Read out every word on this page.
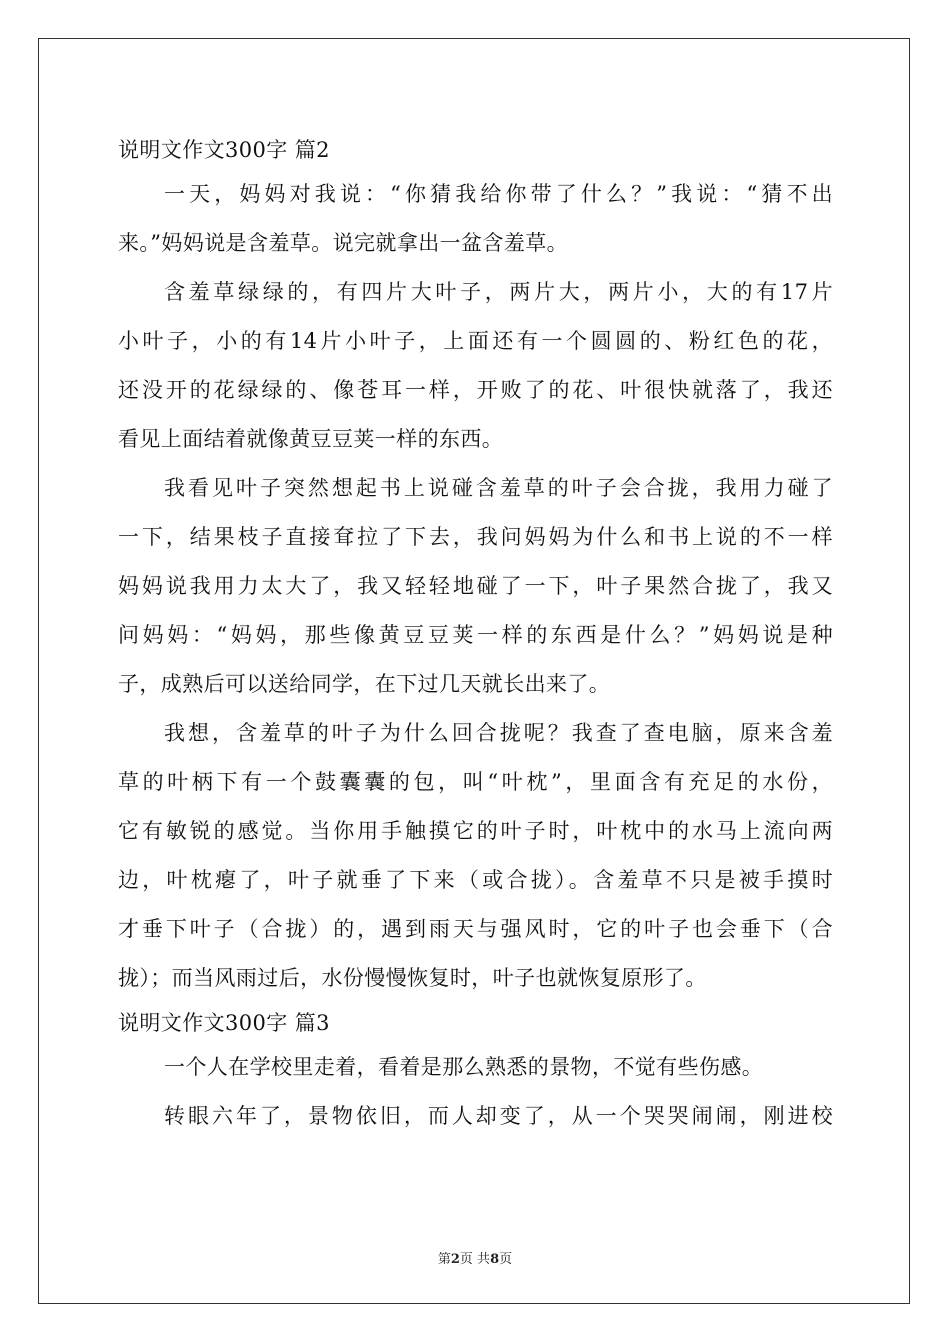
说明文作文300字 篇2
一天，妈妈对我说：“你猜我给你带了什么？”我说：“猜不出
来。”妈妈说是含羞草。说完就拿出一盆含羞草。
含羞草绿绿的，有四片大叶子，两片大，两片小，大的有17片
小叶子，小的有14片小叶子，上面还有一个圆圆的、粉红色的花，
还没开的花绿绿的、像苍耳一样，开败了的花、叶很快就落了，我还
看见上面结着就像黄豆豆荚一样的东西。
我看见叶子突然想起书上说碰含羞草的叶子会合拢，我用力碰了
一下，结果枝子直接耷拉了下去，我问妈妈为什么和书上说的不一样
妈妈说我用力太大了，我又轻轻地碰了一下，叶子果然合拢了，我又
问妈妈：“妈妈，那些像黄豆豆荚一样的东西是什么？”妈妈说是种
子，成熟后可以送给同学，在下过几天就长出来了。
我想，含羞草的叶子为什么回合拢呢？我查了查电脑，原来含羞
草的叶柄下有一个鼓囊囊的包，叫“叶枕”，里面含有充足的水份，
它有敏锐的感觉。当你用手触摸它的叶子时，叶枕中的水马上流向两
边，叶枕瘪了，叶子就垂了下来（或合拢）。含羞草不只是被手摸时
才垂下叶子（合拢）的，遇到雨天与强风时，它的叶子也会垂下（合
拢）；而当风雨过后，水份慢慢恢复时，叶子也就恢复原形了。
说明文作文300字 篇3
一个人在学校里走着，看着是那么熟悉的景物，不觉有些伤感。
转眼六年了，景物依旧，而人却变了，从一个哭哭闹闹，刚进校
第2页 共8页
